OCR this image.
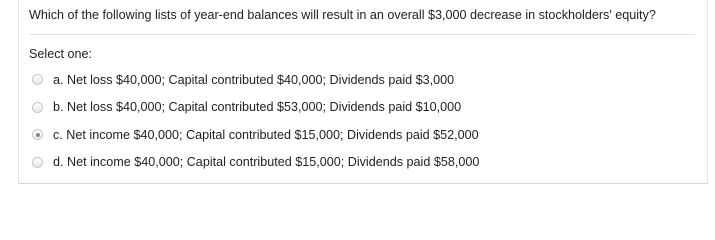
Which of the following lists of year-end balances will result in an overall $3,000 decrease in stockholders' equity?
Select one:
a. Net loss $40,000; Capital contributed $40,000; Dividends paid $3,000
b. Net loss $40,000; Capital contributed $53,000; Dividends paid $10,000
c. Net income $40,000; Capital contributed $15,000; Dividends paid $52,000
d. Net income $40,000; Capital contributed $15,000; Dividends paid $58,000
